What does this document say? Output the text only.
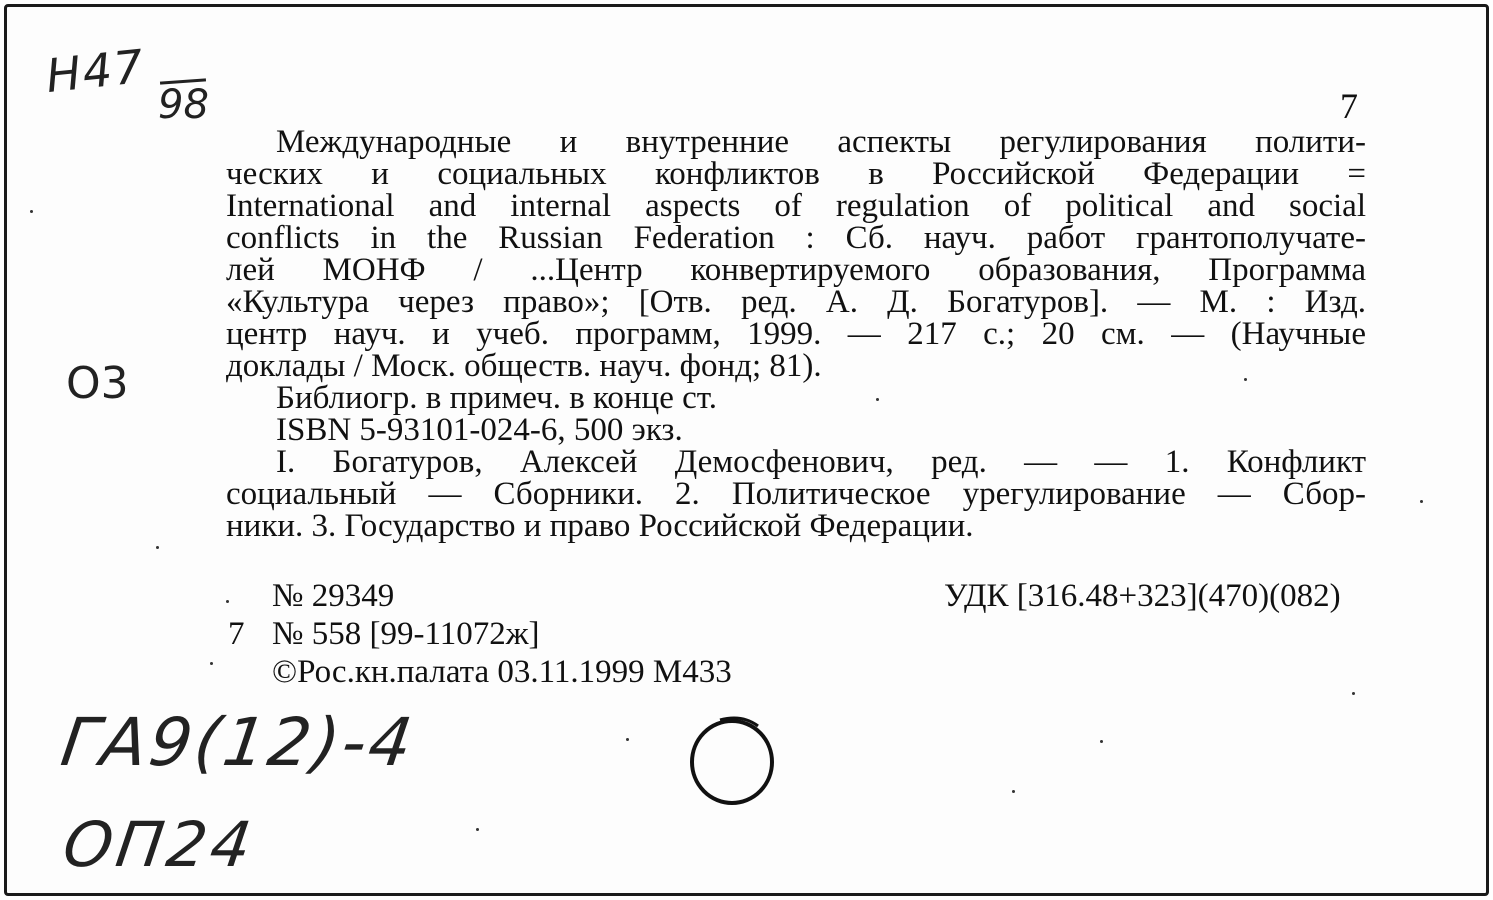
Н47
98
О3
ГА9(12)-4
ОП24
7
Международные и внутренние аспекты регулирования полити-
ческих и социальных конфликтов в Российской Федерации =
International and internal aspects of regulation of political and social
conflicts in the Russian Federation : Сб. науч. работ грантополучате-
лей МОНФ / ...Центр конвертируемого образования, Программа
«Культура через право»; [Отв. ред. А. Д. Богатуров]. — М. : Изд.
центр науч. и учеб. программ, 1999. — 217 с.; 20 см. — (Научные
доклады / Моск. обществ. науч. фонд; 81).
Библиогр. в примеч. в конце ст.
ISBN 5-93101-024-6, 500 экз.
I. Богатуров, Алексей Демосфенович, ред. — — 1. Конфликт
социальный — Сборники. 2. Политическое урегулирование — Сбор-
ники. 3. Государство и право Российской Федерации.
№ 29349	УДК [316.48+323](470)(082)
7 № 558 [99-11072ж]
©Рос.кн.палата 03.11.1999 М433
